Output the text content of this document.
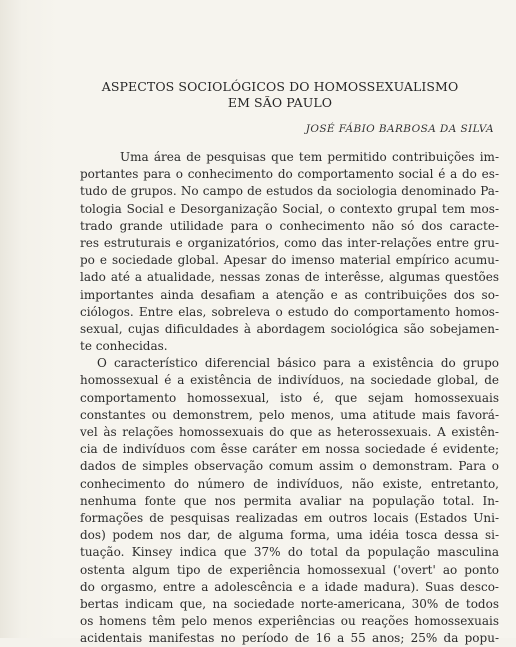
ASPECTOS SOCIOLÓGICOS DO HOMOSSEXUALISMO
EM SÃO PAULO
JOSÉ FÁBIO BARBOSA DA SILVA
Uma área de pesquisas que tem permitido contribuições im-
portantes para o conhecimento do comportamento social é a do es-
tudo de grupos. No campo de estudos da sociologia denominado Pa-
tologia Social e Desorganização Social, o contexto grupal tem mos-
trado grande utilidade para o conhecimento não só dos caracte-
res estruturais e organizatórios, como das inter-relações entre gru-
po e sociedade global. Apesar do imenso material empírico acumu-
lado até a atualidade, nessas zonas de interêsse, algumas questões
importantes ainda desafiam a atenção e as contribuições dos so-
ciólogos. Entre elas, sobreleva o estudo do comportamento homos-
sexual, cujas dificuldades à abordagem sociológica são sobejamen-
te conhecidas.
O característico diferencial básico para a existência do grupo
homossexual é a existência de indivíduos, na sociedade global, de
comportamento homossexual, isto é, que sejam homossexuais
constantes ou demonstrem, pelo menos, uma atitude mais favorá-
vel às relações homossexuais do que as heterossexuais. A existên-
cia de indivíduos com êsse caráter em nossa sociedade é evidente;
dados de simples observação comum assim o demonstram. Para o
conhecimento do número de indivíduos, não existe, entretanto,
nenhuma fonte que nos permita avaliar na população total. In-
formações de pesquisas realizadas em outros locais (Estados Uni-
dos) podem nos dar, de alguma forma, uma idéia tosca dessa si-
tuação. Kinsey indica que 37% do total da população masculina
ostenta algum tipo de experiência homossexual ('overt' ao ponto
do orgasmo, entre a adolescência e a idade madura). Suas desco-
bertas indicam que, na sociedade norte-americana, 30% de todos
os homens têm pelo menos experiências ou reações homossexuais
acidentais manifestas no período de 16 a 55 anos; 25% da popu-
